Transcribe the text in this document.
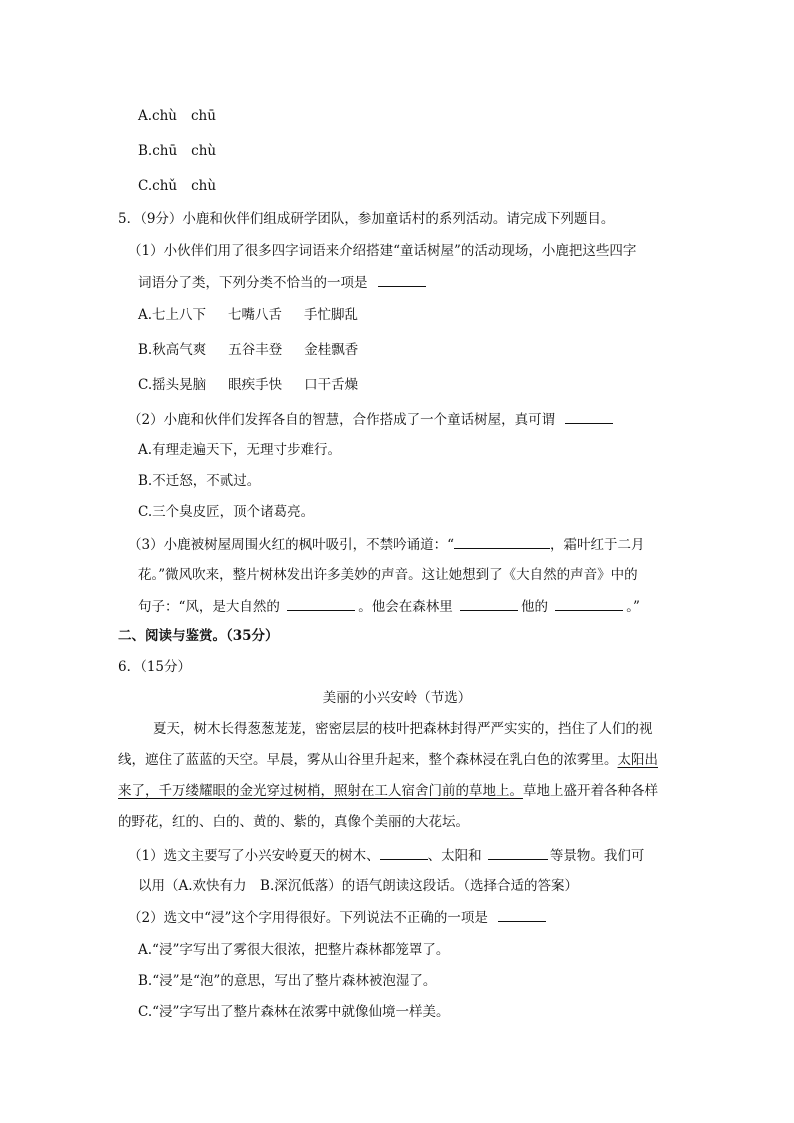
A.chù chū
B.chū chù
C.chǔ chù
5．（9分）小鹿和伙伴们组成研学团队，参加童话村的系列活动。请完成下列题目。
（1）小伙伴们用了很多四字词语来介绍搭建“童话树屋”的活动现场，小鹿把这些四字
词语分了类，下列分类不恰当的一项是
A.七上八下 七嘴八舌 手忙脚乱
B.秋高气爽 五谷丰登 金桂飘香
C.摇头晃脑 眼疾手快 口干舌燥
（2）小鹿和伙伴们发挥各自的智慧，合作搭成了一个童话树屋，真可谓
A.有理走遍天下，无理寸步难行。
B.不迁怒，不贰过。
C.三个臭皮匠，顶个诸葛亮。
（3）小鹿被树屋周围火红的枫叶吸引，不禁吟诵道：“	，霜叶红于二月
花。”微风吹来，整片树林发出许多美妙的声音。这让她想到了《大自然的声音》中的
句子：“风，是大自然的	。他会在森林里	他的	。”
二、阅读与鉴赏。（35分）
6．（15分）
美丽的小兴安岭（节选）
夏天，树木长得葱葱茏茏，密密层层的枝叶把森林封得严严实实的，挡住了人们的视
线，遮住了蓝蓝的天空。早晨，雾从山谷里升起来，整个森林浸在乳白色的浓雾里。太阳出
来了，千万缕耀眼的金光穿过树梢，照射在工人宿舍门前的草地上。草地上盛开着各种各样
的野花，红的、白的、黄的、紫的，真像个美丽的大花坛。
（1）选文主要写了小兴安岭夏天的树木、	、太阳和	等景物。我们可
以用（A.欢快有力　B.深沉低落）的语气朗读这段话。（选择合适的答案）
（2）选文中“浸”这个字用得很好。下列说法不正确的一项是
A.“浸”字写出了雾很大很浓，把整片森林都笼罩了。
B.“浸”是“泡”的意思，写出了整片森林被泡湿了。
C.“浸”字写出了整片森林在浓雾中就像仙境一样美。
